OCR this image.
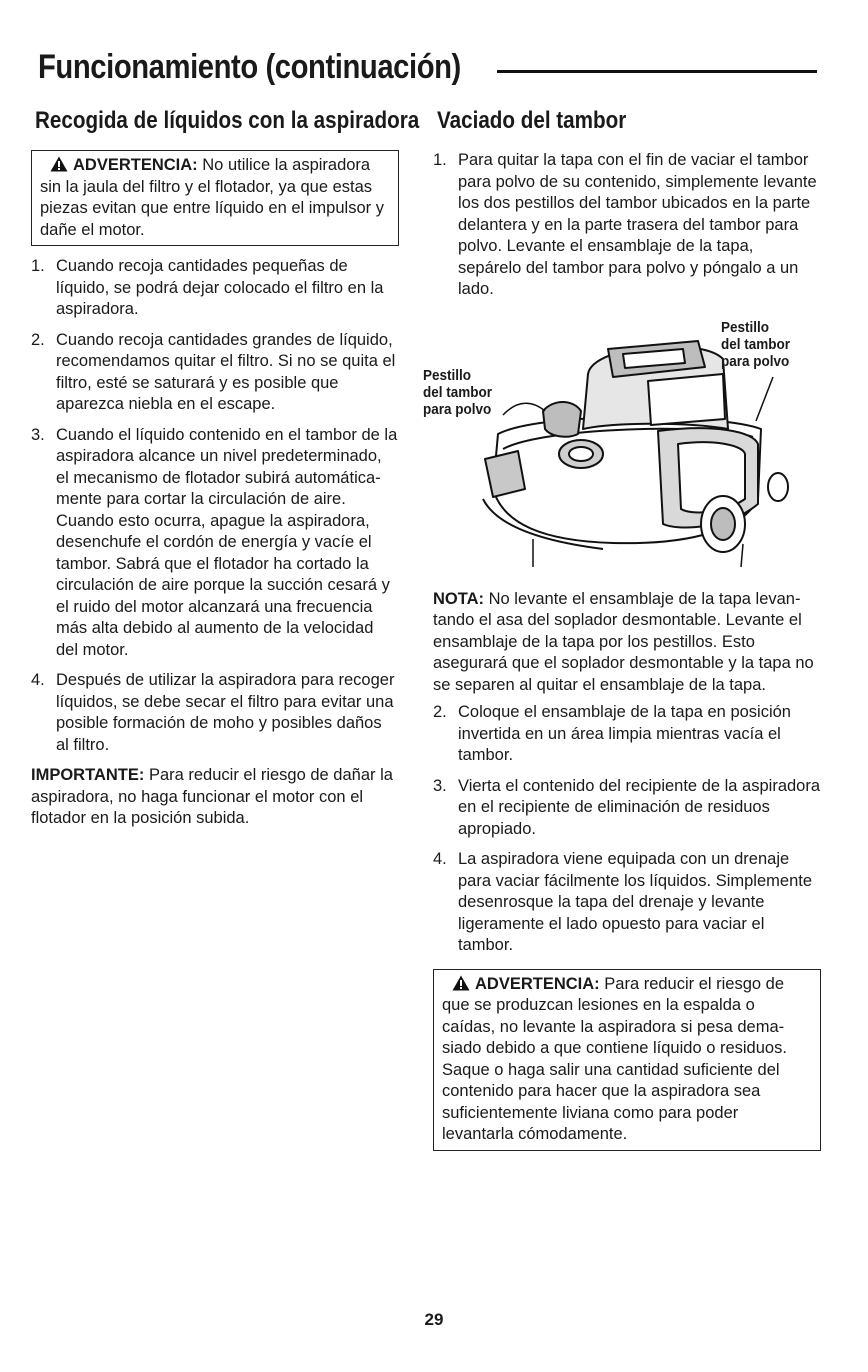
Funcionamiento (continuación)
Recogida de líquidos con la aspiradora
ADVERTENCIA: No utilice la aspiradora sin la jaula del filtro y el flotador, ya que estas piezas evitan que entre líquido en el impulsor y dañe el motor.
1. Cuando recoja cantidades pequeñas de líquido, se podrá dejar colocado el filtro en la aspiradora.
2. Cuando recoja cantidades grandes de líquido, recomendamos quitar el filtro. Si no se quita el filtro, esté se saturará y es posible que aparezca niebla en el escape.
3. Cuando el líquido contenido en el tambor de la aspiradora alcance un nivel predeterminado, el mecanismo de flotador subirá automática-mente para cortar la circulación de aire. Cuando esto ocurra, apague la aspiradora, desenchufe el cordón de energía y vacíe el tambor. Sabrá que el flotador ha cortado la circulación de aire porque la succión cesará y el ruido del motor alcanzará una frecuencia más alta debido al aumento de la velocidad del motor.
4. Después de utilizar la aspiradora para recoger líquidos, se debe secar el filtro para evitar una posible formación de moho y posibles daños al filtro.

IMPORTANTE: Para reducir el riesgo de dañar la aspiradora, no haga funcionar el motor con el flotador en la posición subida.

Vaciado del tambor
1. Para quitar la tapa con el fin de vaciar el tambor para polvo de su contenido, simplemente levante los dos pestillos del tambor ubicados en la parte delantera y en la parte trasera del tambor para polvo. Levante el ensamblaje de la tapa, sepárelo del tambor para polvo y póngalo a un lado.
Pestillo
del tambor
para polvo
Pestillo
del tambor
para polvo

NOTA: No levante el ensamblaje de la tapa levan-tando el asa del soplador desmontable. Levante el ensamblaje de la tapa por los pestillos. Esto asegurará que el soplador desmontable y la tapa no se separen al quitar el ensamblaje de la tapa.

2. Coloque el ensamblaje de la tapa en posición invertida en un área limpia mientras vacía el tambor.
3. Vierta el contenido del recipiente de la aspiradora en el recipiente de eliminación de residuos apropiado.
4. La aspiradora viene equipada con un drenaje para vaciar fácilmente los líquidos. Simplemente desenrosque la tapa del drenaje y levante ligeramente el lado opuesto para vaciar el tambor.
ADVERTENCIA: Para reducir el riesgo de que se produzcan lesiones en la espalda o caídas, no levante la aspiradora si pesa dema-siado debido a que contiene líquido o residuos. Saque o haga salir una cantidad suficiente del contenido para hacer que la aspiradora sea suficientemente liviana como para poder levantarla cómodamente.
29
